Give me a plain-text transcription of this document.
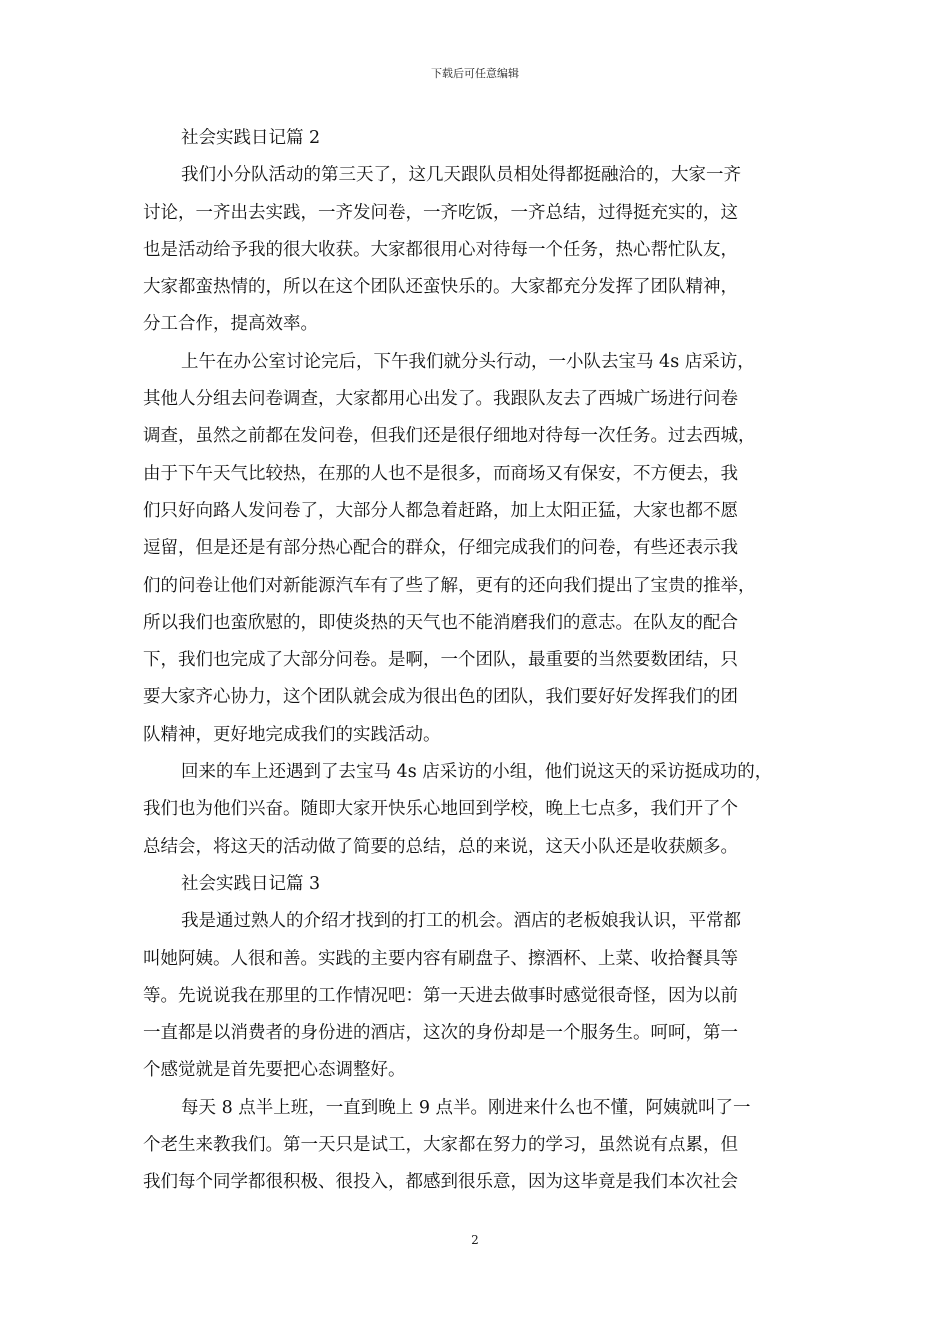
下载后可任意编辑
社会实践日记篇 2
我们小分队活动的第三天了，这几天跟队员相处得都挺融洽的，大家一齐
讨论，一齐出去实践，一齐发问卷，一齐吃饭，一齐总结，过得挺充实的，这
也是活动给予我的很大收获。大家都很用心对待每一个任务，热心帮忙队友，
大家都蛮热情的，所以在这个团队还蛮快乐的。大家都充分发挥了团队精神，
分工合作，提高效率。
上午在办公室讨论完后，下午我们就分头行动，一小队去宝马 4s 店采访，
其他人分组去问卷调查，大家都用心出发了。我跟队友去了西城广场进行问卷
调查，虽然之前都在发问卷，但我们还是很仔细地对待每一次任务。过去西城，
由于下午天气比较热，在那的人也不是很多，而商场又有保安，不方便去，我
们只好向路人发问卷了，大部分人都急着赶路，加上太阳正猛，大家也都不愿
逗留，但是还是有部分热心配合的群众，仔细完成我们的问卷，有些还表示我
们的问卷让他们对新能源汽车有了些了解，更有的还向我们提出了宝贵的推举，
所以我们也蛮欣慰的，即使炎热的天气也不能消磨我们的意志。在队友的配合
下，我们也完成了大部分问卷。是啊，一个团队，最重要的当然要数团结，只
要大家齐心协力，这个团队就会成为很出色的团队，我们要好好发挥我们的团
队精神，更好地完成我们的实践活动。
回来的车上还遇到了去宝马 4s 店采访的小组，他们说这天的采访挺成功的，
我们也为他们兴奋。随即大家开快乐心地回到学校，晚上七点多，我们开了个
总结会，将这天的活动做了简要的总结，总的来说，这天小队还是收获颇多。
社会实践日记篇 3
我是通过熟人的介绍才找到的打工的机会。酒店的老板娘我认识，平常都
叫她阿姨。人很和善。实践的主要内容有刷盘子、擦酒杯、上菜、收拾餐具等
等。先说说我在那里的工作情况吧：第一天进去做事时感觉很奇怪，因为以前
一直都是以消费者的身份进的酒店，这次的身份却是一个服务生。呵呵，第一
个感觉就是首先要把心态调整好。
每天 8 点半上班，一直到晚上 9 点半。刚进来什么也不懂，阿姨就叫了一
个老生来教我们。第一天只是试工，大家都在努力的学习，虽然说有点累，但
我们每个同学都很积极、很投入，都感到很乐意，因为这毕竟是我们本次社会
2
